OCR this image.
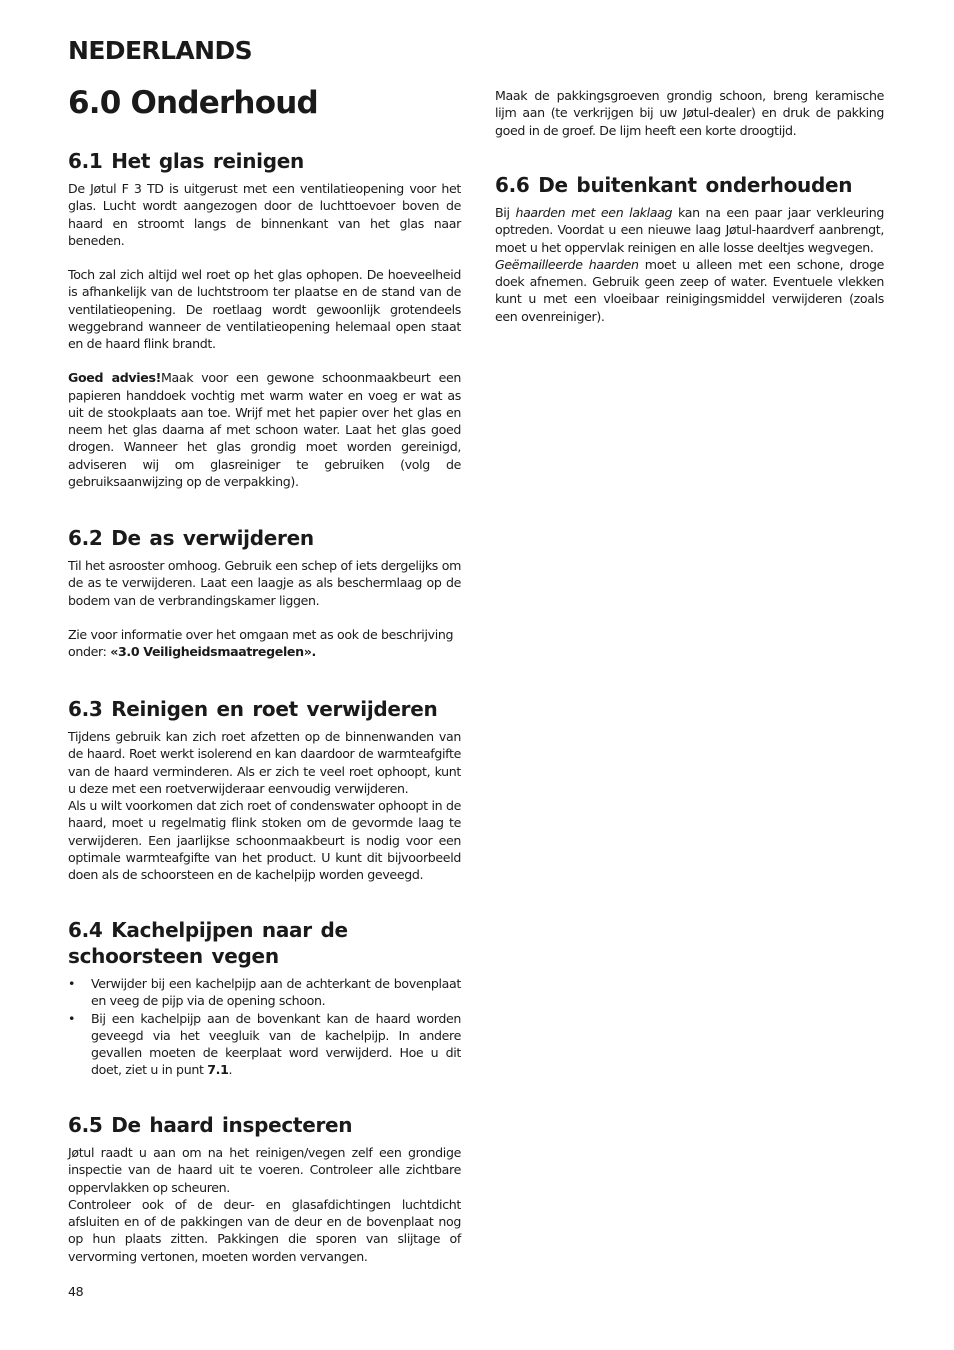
NEDERLANDS
6.0 Onderhoud
6.1 Het glas reinigen

De Jøtul F 3 TD is uitgerust met een ventilatieopening voor het glas. Lucht wordt aangezogen door de luchttoevoer boven de haard en stroomt langs de binnenkant van het glas naar beneden.

Toch zal zich altijd wel roet op het glas ophopen. De hoeveelheid is afhankelijk van de luchtstroom ter plaatse en de stand van de ventilatieopening. De roetlaag wordt gewoonlijk grotendeels weggebrand wanneer de ventilatieopening helemaal open staat en de haard flink brandt.

Goed advies!Maak voor een gewone schoonmaakbeurt een papieren handdoek vochtig met warm water en voeg er wat as uit de stookplaats aan toe. Wrijf met het papier over het glas en neem het glas daarna af met schoon water. Laat het glas goed drogen. Wanneer het glas grondig moet worden gereinigd, adviseren wij om glasreiniger te gebruiken (volg de gebruiksaanwijzing op de verpakking).

6.2 De as verwijderen

Til het asrooster omhoog. Gebruik een schep of iets dergelijks om de as te verwijderen. Laat een laagje as als beschermlaag op de bodem van de verbrandingskamer liggen.

Zie voor informatie over het omgaan met as ook de beschrijving onder: «3.0 Veiligheidsmaatregelen».

6.3 Reinigen en roet verwijderen

Tijdens gebruik kan zich roet afzetten op de binnenwanden van de haard. Roet werkt isolerend en kan daardoor de warmteafgifte van de haard verminderen. Als er zich te veel roet ophoopt, kunt u deze met een roetverwijderaar eenvoudig verwijderen.

Als u wilt voorkomen dat zich roet of condenswater ophoopt in de haard, moet u regelmatig flink stoken om de gevormde laag te verwijderen. Een jaarlijkse schoonmaakbeurt is nodig voor een optimale warmteafgifte van het product. U kunt dit bijvoorbeeld doen als de schoorsteen en de kachelpijp worden geveegd.

6.4 Kachelpijpen naar de schoorsteen vegen
• Verwijder bij een kachelpijp aan de achterkant de bovenplaat en veeg de pijp via de opening schoon.
• Bij een kachelpijp aan de bovenkant kan de haard worden geveegd via het veegluik van de kachelpijp. In andere gevallen moeten de keerplaat word verwijderd. Hoe u dit doet, ziet u in punt 7.1.
6.5 De haard inspecteren

Jøtul raadt u aan om na het reinigen/vegen zelf een grondige inspectie van de haard uit te voeren. Controleer alle zichtbare oppervlakken op scheuren.

Controleer ook of de deur- en glasafdichtingen luchtdicht afsluiten en of de pakkingen van de deur en de bovenplaat nog op hun plaats zitten. Pakkingen die sporen van slijtage of vervorming vertonen, moeten worden vervangen.

Maak de pakkingsgroeven grondig schoon, breng keramische lijm aan (te verkrijgen bij uw Jøtul-dealer) en druk de pakking goed in de groef. De lijm heeft een korte droogtijd.

6.6 De buitenkant onderhouden

Bij haarden met een laklaag kan na een paar jaar verkleuring optreden. Voordat u een nieuwe laag Jøtul-haardverf aanbrengt, moet u het oppervlak reinigen en alle losse deeltjes wegvegen.

Geëmailleerde haarden moet u alleen met een schone, droge doek afnemen. Gebruik geen zeep of water. Eventuele vlekken kunt u met een vloeibaar reinigingsmiddel verwijderen (zoals een ovenreiniger).

48
